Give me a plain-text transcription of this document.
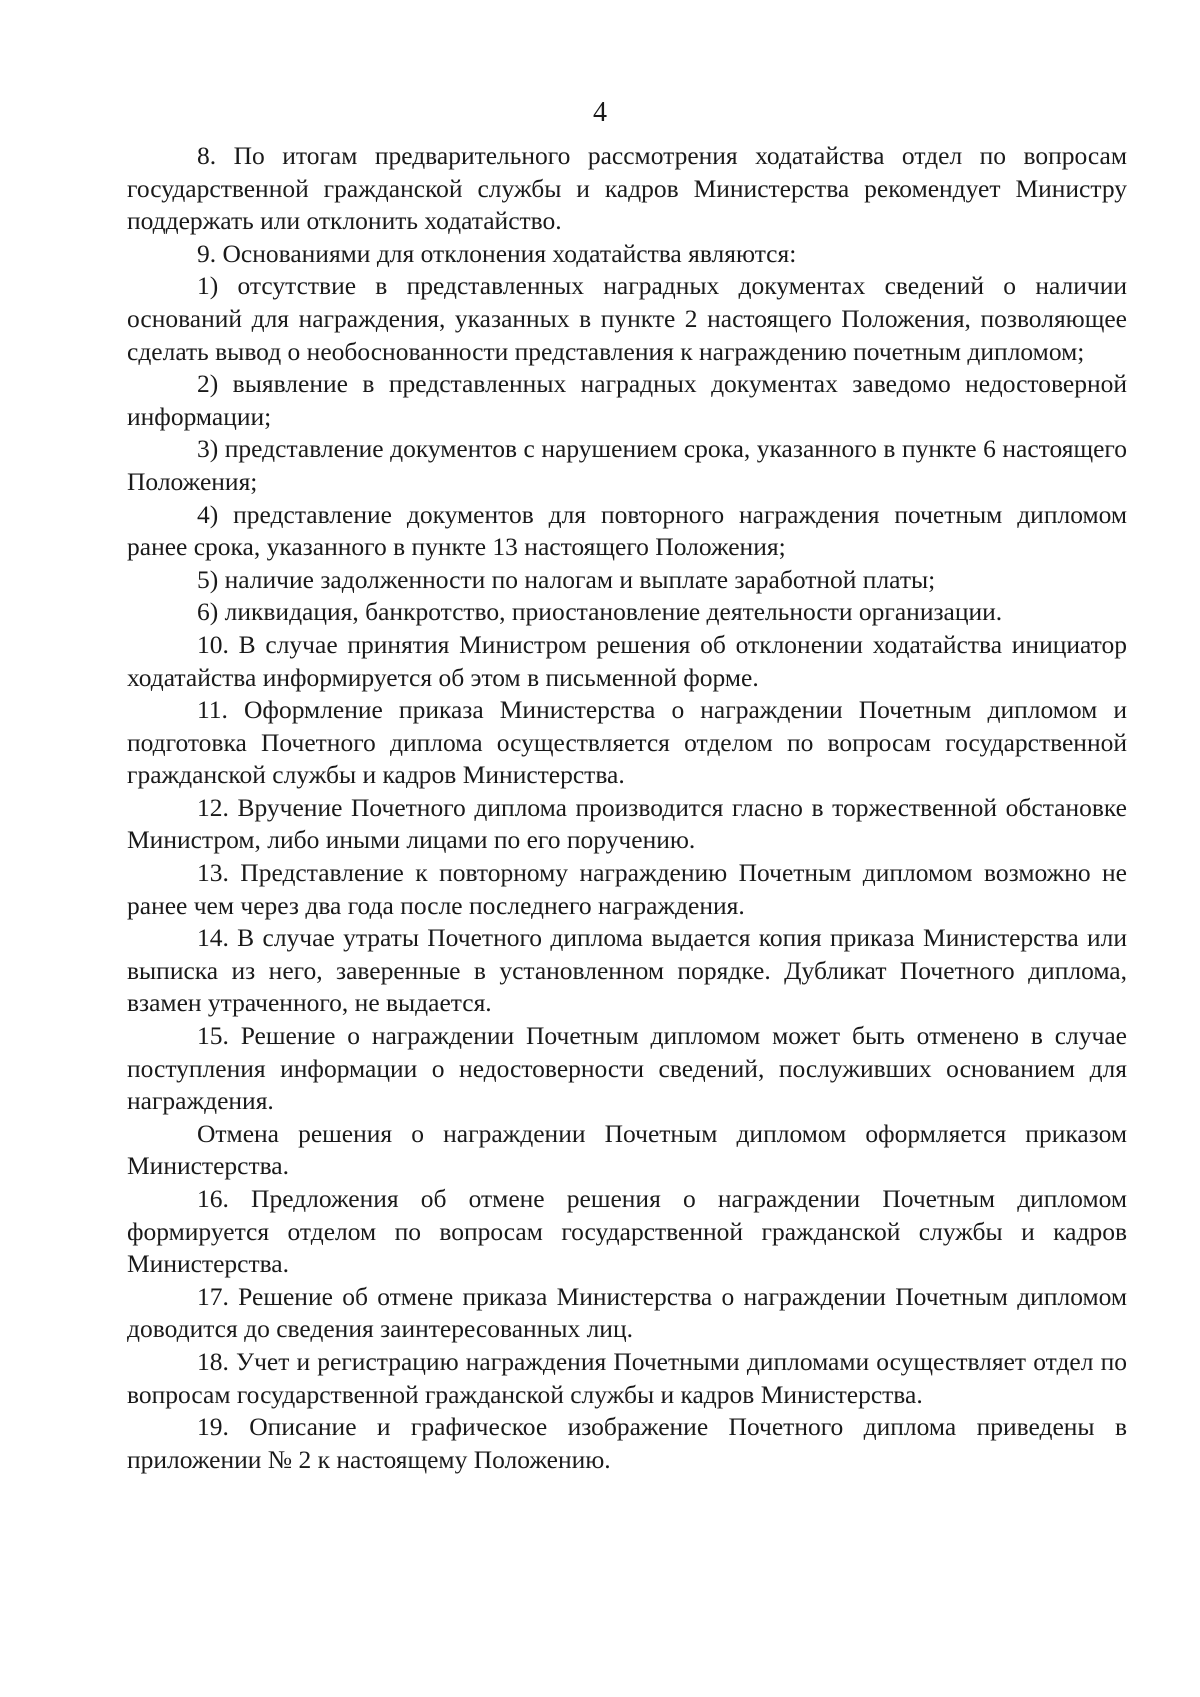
4

8. По итогам предварительного рассмотрения ходатайства отдел по вопросам государственной гражданской службы и кадров Министерства рекомендует Министру поддержать или отклонить ходатайство.

9. Основаниями для отклонения ходатайства являются:

1) отсутствие в представленных наградных документах сведений о наличии оснований для награждения, указанных в пункте 2 настоящего Положения, позволяющее сделать вывод о необоснованности представления к награждению почетным дипломом;

2) выявление в представленных наградных документах заведомо недостоверной информации;

3) представление документов с нарушением срока, указанного в пункте 6 настоящего Положения;

4) представление документов для повторного награждения почетным дипломом ранее срока, указанного в пункте 13 настоящего Положения;

5) наличие задолженности по налогам и выплате заработной платы;

6) ликвидация, банкротство, приостановление деятельности организации.

10. В случае принятия Министром решения об отклонении ходатайства инициатор ходатайства информируется об этом в письменной форме.

11. Оформление приказа Министерства о награждении Почетным дипломом и подготовка Почетного диплома осуществляется отделом по вопросам государственной гражданской службы и кадров Министерства.

12. Вручение Почетного диплома производится гласно в торжественной обстановке Министром, либо иными лицами по его поручению.

13. Представление к повторному награждению Почетным дипломом возможно не ранее чем через два года после последнего награждения.

14. В случае утраты Почетного диплома выдается копия приказа Министерства или выписка из него, заверенные в установленном порядке. Дубликат Почетного диплома, взамен утраченного, не выдается.

15. Решение о награждении Почетным дипломом может быть отменено в случае поступления информации о недостоверности сведений, послуживших основанием для награждения.

Отмена решения о награждении Почетным дипломом оформляется приказом Министерства.

16. Предложения об отмене решения о награждении Почетным дипломом формируется отделом по вопросам государственной гражданской службы и кадров Министерства.

17. Решение об отмене приказа Министерства о награждении Почетным дипломом доводится до сведения заинтересованных лиц.

18. Учет и регистрацию награждения Почетными дипломами осуществляет отдел по вопросам государственной гражданской службы и кадров Министерства.

19. Описание и графическое изображение Почетного диплома приведены в приложении № 2 к настоящему Положению.
